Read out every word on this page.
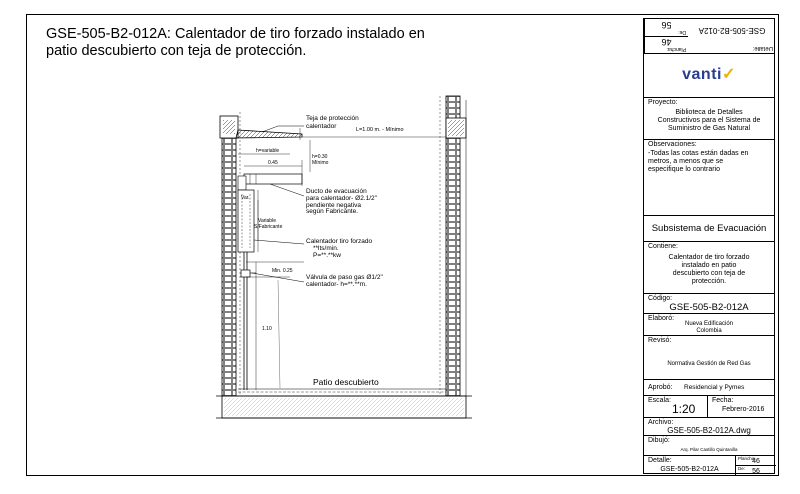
GSE-505-B2-012A: Calentador de tiro forzado instalado en
patio descubierto con teja de protección.
Teja de protección
calentador	L=1.00 m. - Mínimo
h=variable
h=0.30
Mínimo
0.45
Ducto de evacuación
para calentador- Ø2.1/2"
pendiente negativa
según Fabricante.
Var.
Variable
S/Fabricante
Calentador tiro forzado
**lts/min.
P=**.**kw
Min. 0.25
Válvula de paso gas Ø1/2"
calentador- h=**.**m.
1.10
Patio descubierto
Plancha:
46
De:
56
Detalle:
GSE-505-B2-012A
vanti✓
Proyecto:
Biblioteca de Detalles
Constructivos para el Sistema de
Suministro de Gas Natural
Observaciones:
-Todas las cotas están dadas en
metros, a menos que se
especifique lo contrario
Subsistema de Evacuación
Contiene:
Calentador de tiro forzado
instalado en patio
descubierto con teja de
protección.
Código:
GSE-505-B2-012A
Elaboró:
Nueva Edificación
Colombia
Revisó:
Normativa Gestión de Red Gas
Aprobó: Residencial y Pymes
Escala:
1:20
Fecha:
Febrero-2016
Archivo:
GSE-505-B2-012A.dwg
Dibujó:
Arq. Pilar Castillo Quintanilla
Detalle:
GSE-505-B2-012A
Plancha:
46
De:	56
